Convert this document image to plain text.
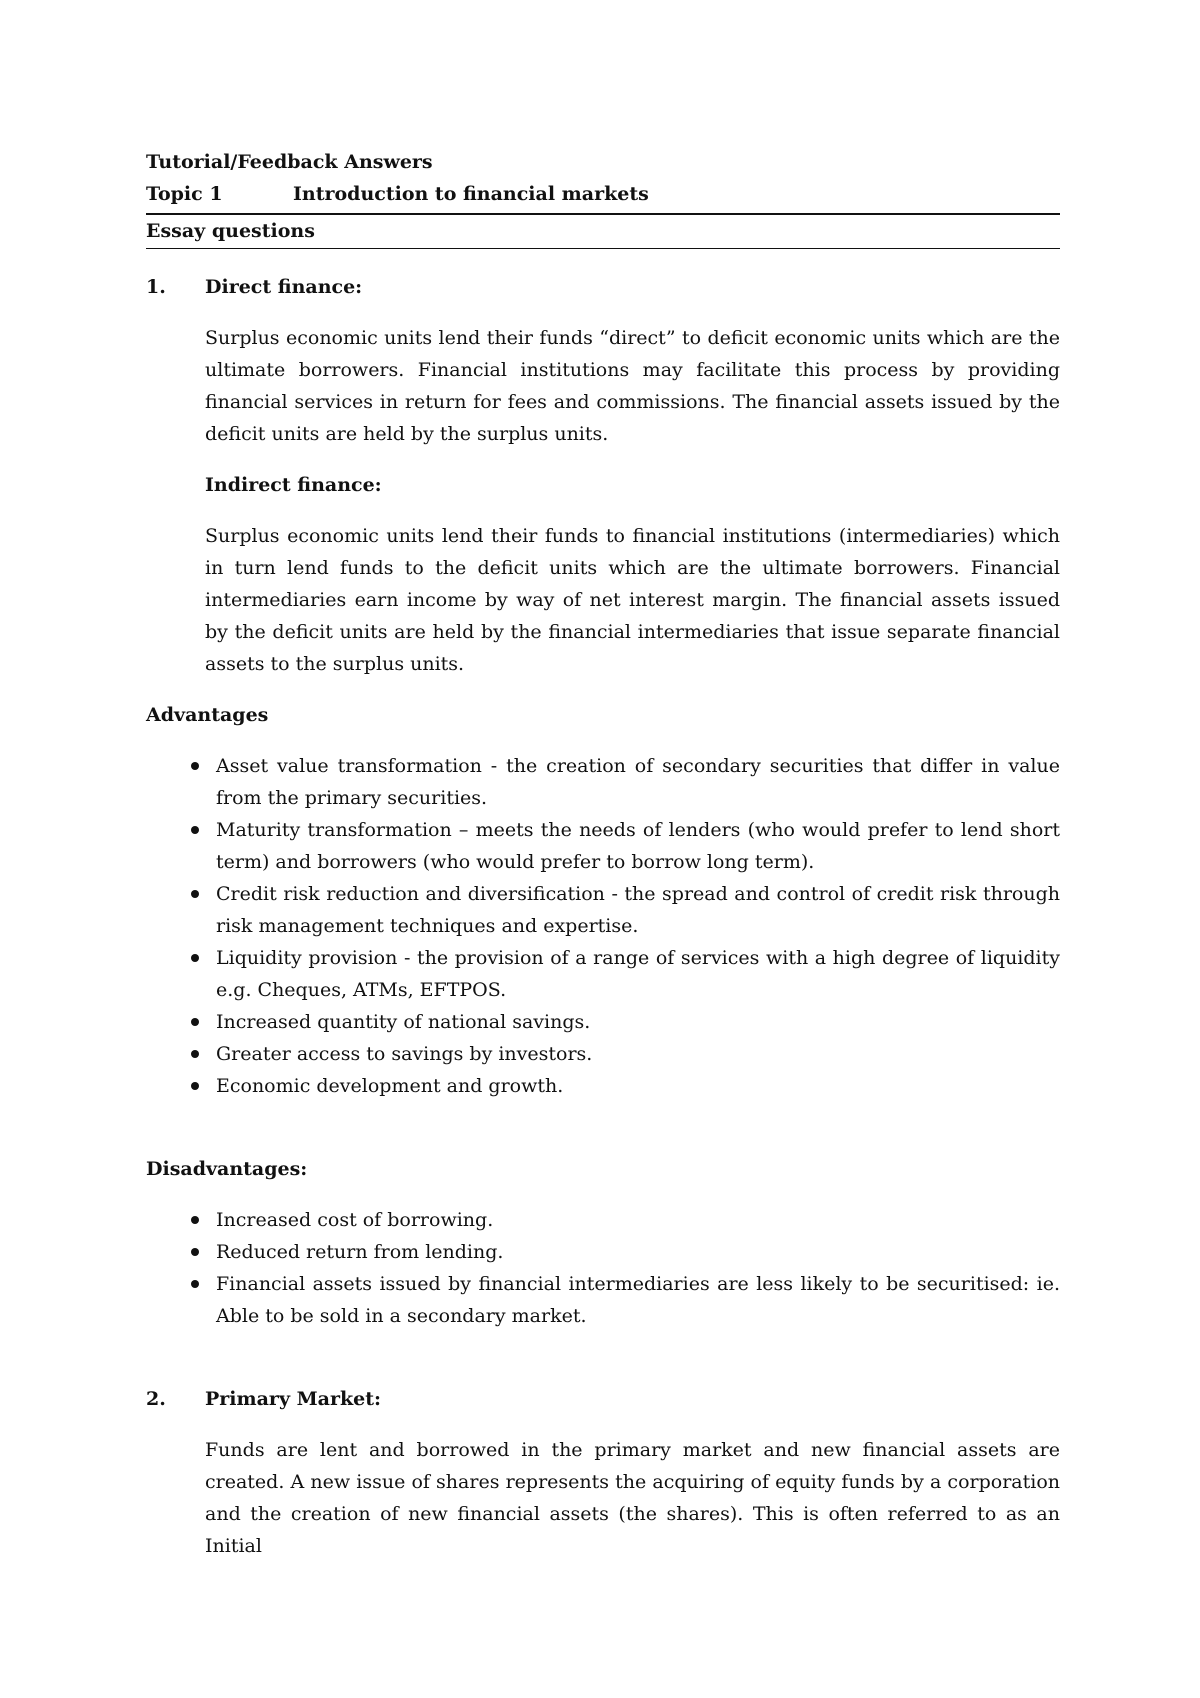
Tutorial/Feedback Answers
Topic 1	Introduction to financial markets
Essay questions
1.	Direct finance:

Surplus economic units lend their funds “direct” to deficit economic units which are the ultimate borrowers. Financial institutions may facilitate this process by providing financial services in return for fees and commissions. The financial assets issued by the deficit units are held by the surplus units.

Indirect finance:

Surplus economic units lend their funds to financial institutions (intermediaries) which in turn lend funds to the deficit units which are the ultimate borrowers. Financial intermediaries earn income by way of net interest margin. The financial assets issued by the deficit units are held by the financial intermediaries that issue separate financial assets to the surplus units.

Advantages
Asset value transformation - the creation of secondary securities that differ in value from the primary securities.
Maturity transformation – meets the needs of lenders (who would prefer to lend short term) and borrowers (who would prefer to borrow long term).
Credit risk reduction and diversification - the spread and control of credit risk through risk management techniques and expertise.
Liquidity provision - the provision of a range of services with a high degree of liquidity e.g. Cheques, ATMs, EFTPOS.
Increased quantity of national savings.
Greater access to savings by investors.
Economic development and growth.
Disadvantages:
Increased cost of borrowing.
Reduced return from lending.
Financial assets issued by financial intermediaries are less likely to be securitised: ie. Able to be sold in a secondary market.
2.	Primary Market:

Funds are lent and borrowed in the primary market and new financial assets are created. A new issue of shares represents the acquiring of equity funds by a corporation and the creation of new financial assets (the shares). This is often referred to as an Initial
